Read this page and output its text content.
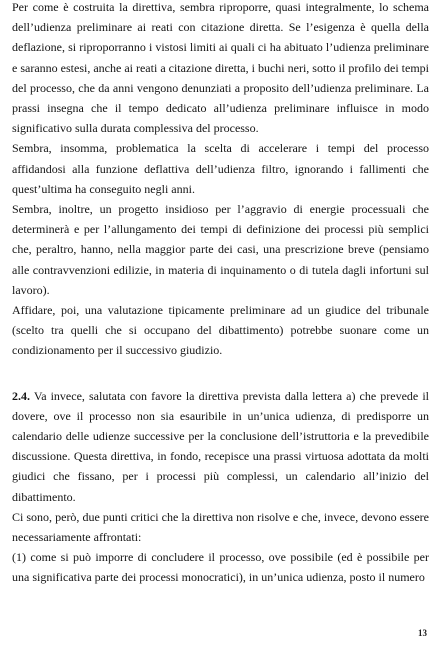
Per come è costruita la direttiva, sembra riproporre, quasi integralmente, lo schema dell’udienza preliminare ai reati con citazione diretta. Se l’esigenza è quella della deflazione, si riproporranno i vistosi limiti ai quali ci ha abituato l’udienza preliminare e saranno estesi, anche ai reati a citazione diretta, i buchi neri, sotto il profilo dei tempi del processo, che da anni vengono denunziati a proposito dell’udienza preliminare. La prassi insegna che il tempo dedicato all’udienza preliminare influisce in modo significativo sulla durata complessiva del processo.

Sembra, insomma, problematica la scelta di accelerare i tempi del processo affidandosi alla funzione deflattiva dell’udienza filtro, ignorando i fallimenti che quest’ultima ha conseguito negli anni.

Sembra, inoltre, un progetto insidioso per l’aggravio di energie processuali che determinerà e per l’allungamento dei tempi di definizione dei processi più semplici che, peraltro, hanno, nella maggior parte dei casi, una prescrizione breve (pensiamo alle contravvenzioni edilizie, in materia di inquinamento o di tutela dagli infortuni sul lavoro).

Affidare, poi, una valutazione tipicamente preliminare ad un giudice del tribunale (scelto tra quelli che si occupano del dibattimento) potrebbe suonare come un condizionamento per il successivo giudizio.

2.4. Va invece, salutata con favore la direttiva prevista dalla lettera a) che prevede il dovere, ove il processo non sia esauribile in un’unica udienza, di predisporre un calendario delle udienze successive per la conclusione dell’istruttoria e la prevedibile discussione. Questa direttiva, in fondo, recepisce una prassi virtuosa adottata da molti giudici che fissano, per i processi più complessi, un calendario all’inizio del dibattimento.

Ci sono, però, due punti critici che la direttiva non risolve e che, invece, devono essere necessariamente affrontati:

(1) come si può imporre di concludere il processo, ove possibile (ed è possibile per una significativa parte dei processi monocratici), in un’unica udienza, posto il numero

13
